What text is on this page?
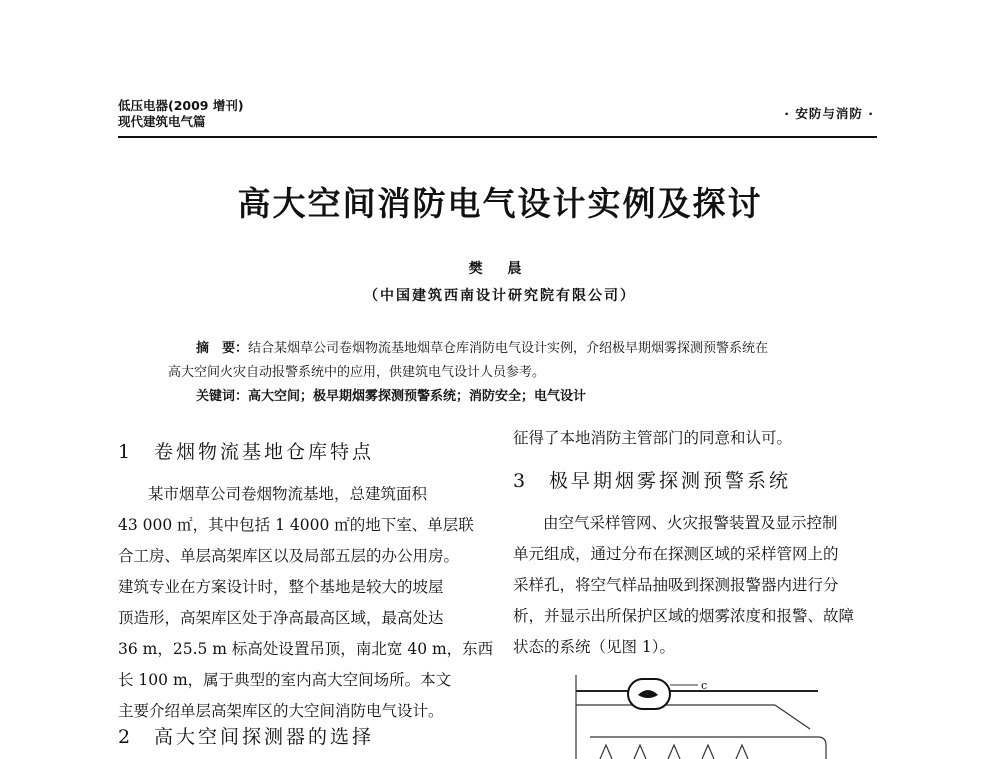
低压电器(2009 增刊)
现代建筑电气篇
· 安防与消防 ·
高大空间消防电气设计实例及探讨
樊 晨
（中国建筑西南设计研究院有限公司）
摘　要：结合某烟草公司卷烟物流基地烟草仓库消防电气设计实例，介绍极早期烟雾探测预警系统在
高大空间火灾自动报警系统中的应用，供建筑电气设计人员参考。
关键词：高大空间；极早期烟雾探测预警系统；消防安全；电气设计
1 卷烟物流基地仓库特点
某市烟草公司卷烟物流基地，总建筑面积
43 000 ㎡，其中包括 1 4000 ㎡的地下室、单层联
合工房、单层高架库区以及局部五层的办公用房。
建筑专业在方案设计时，整个基地是较大的坡屋
顶造形，高架库区处于净高最高区域，最高处达
36 m，25.5 m 标高处设置吊顶，南北宽 40 m，东西
长 100 m，属于典型的室内高大空间场所。本文
主要介绍单层高架库区的大空间消防电气设计。
2 高大空间探测器的选择
征得了本地消防主管部门的同意和认可。
3 极早期烟雾探测预警系统
由空气采样管网、火灾报警装置及显示控制
单元组成，通过分布在探测区域的采样管网上的
采样孔，将空气样品抽吸到探测报警器内进行分
析，并显示出所保护区域的烟雾浓度和报警、故障
状态的系统（见图 1）。
c
